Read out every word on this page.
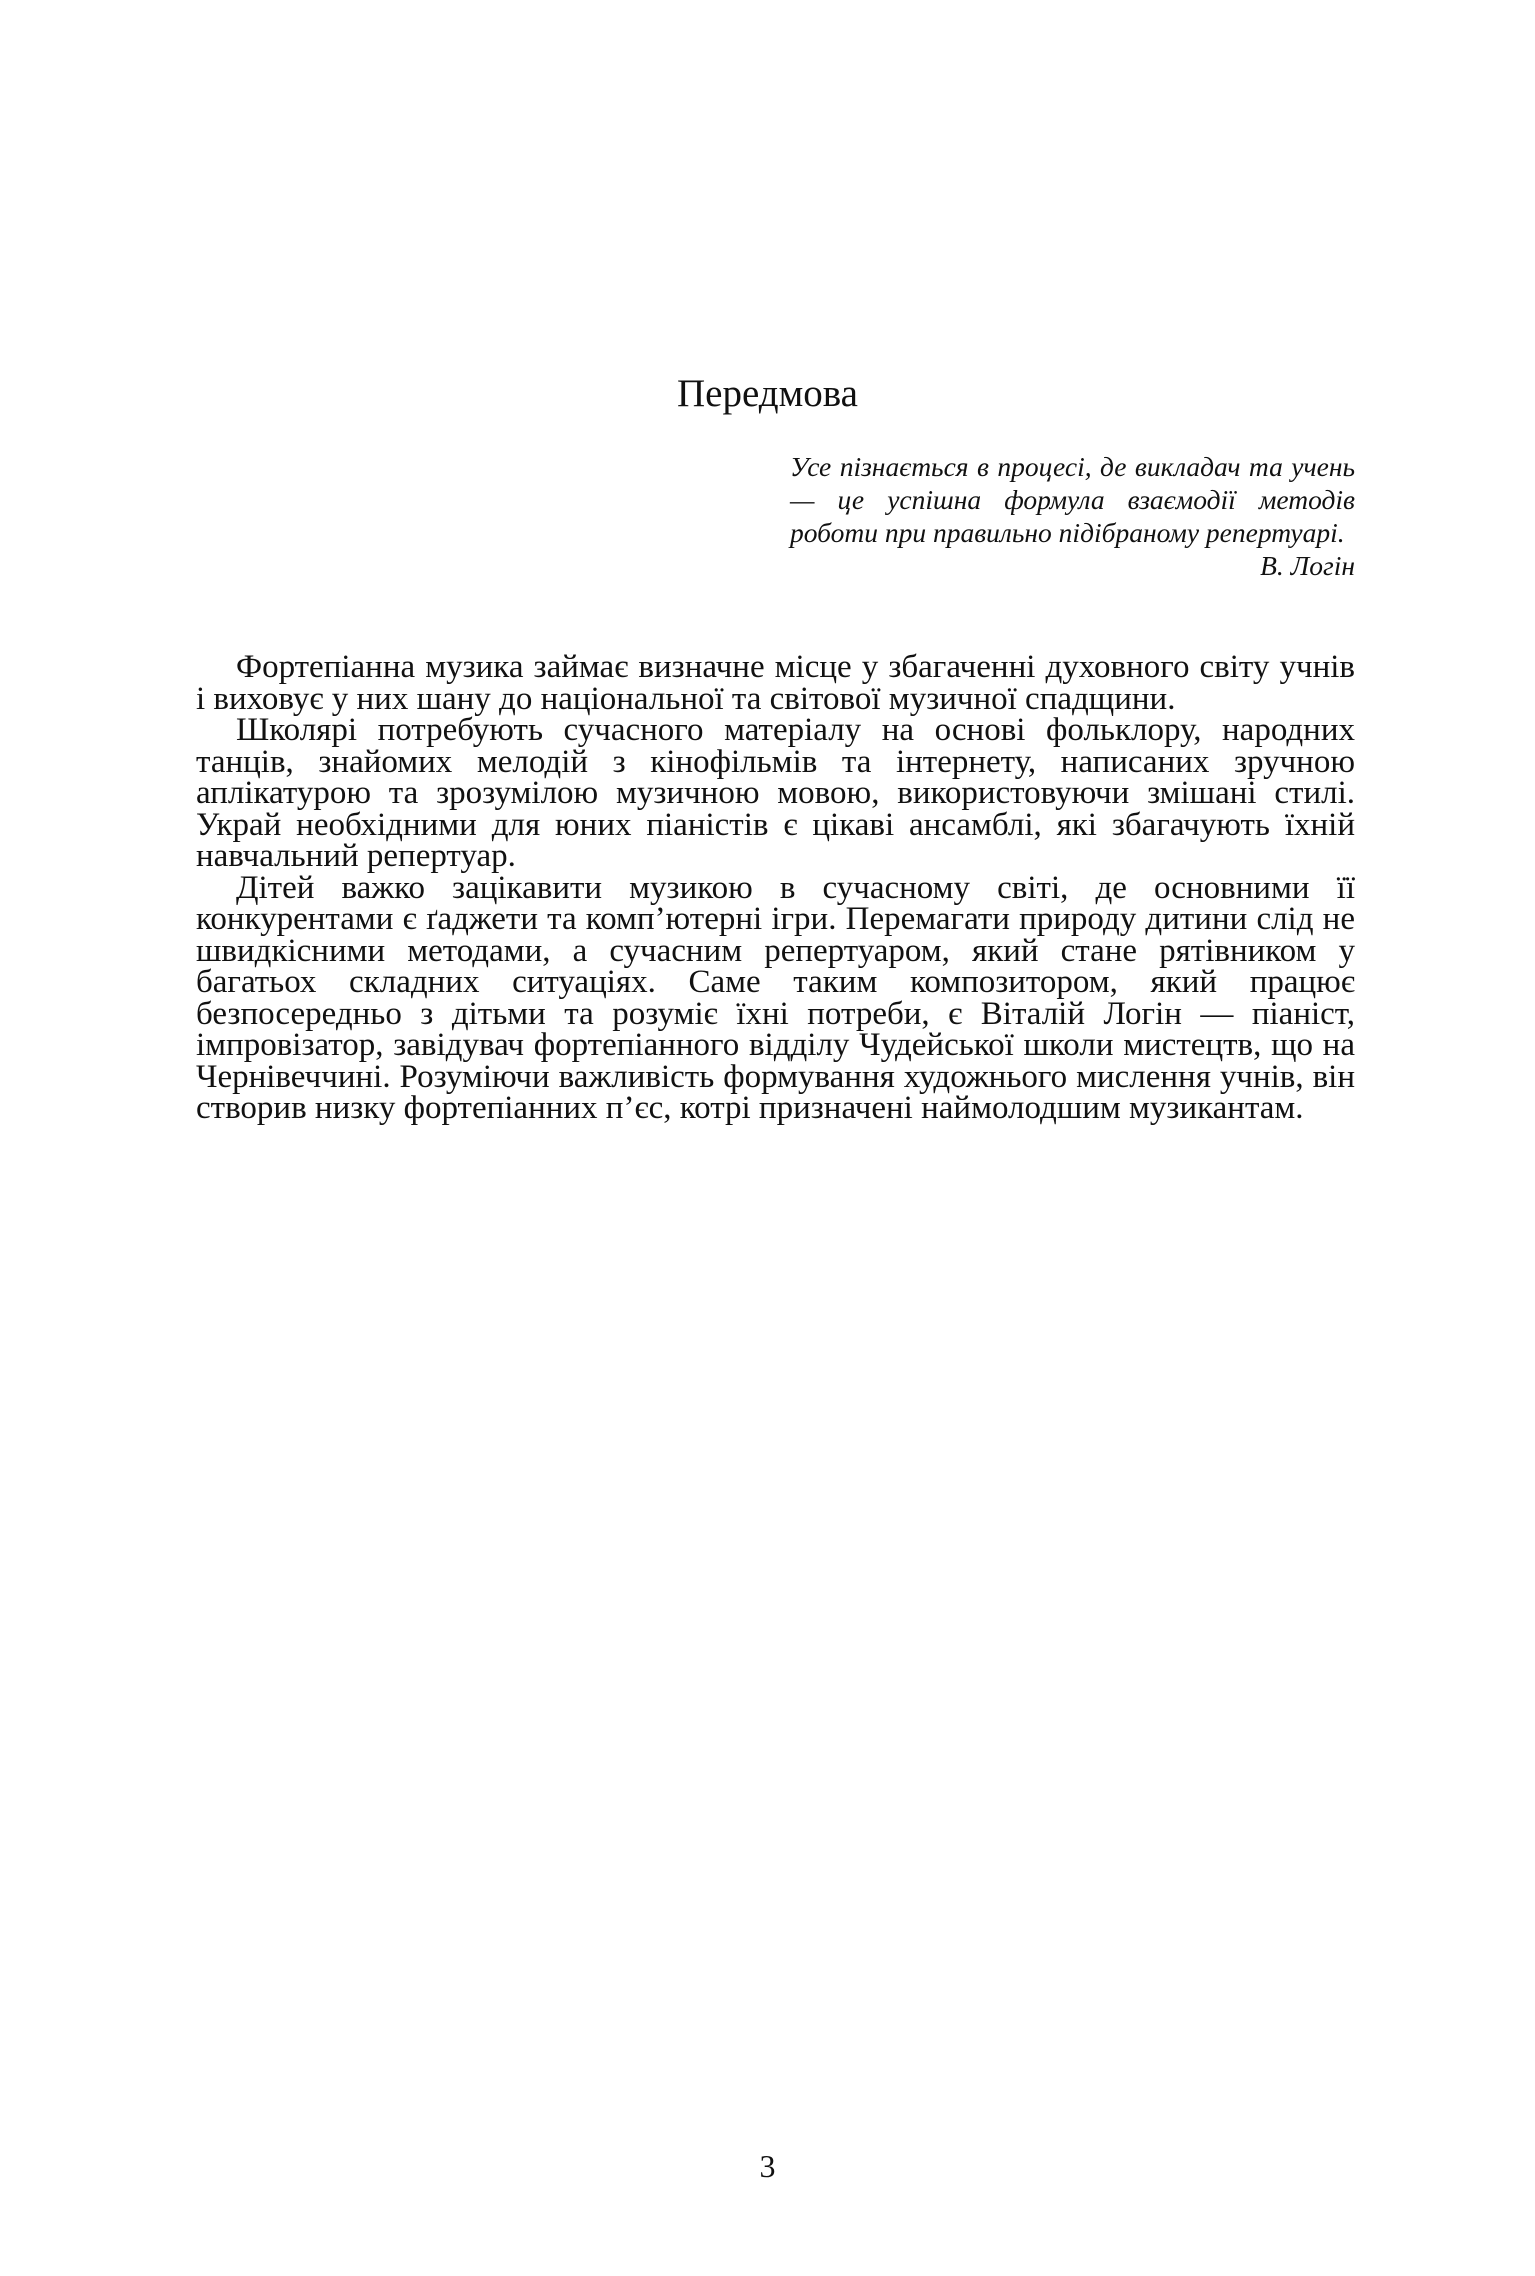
Передмова

Усе пізнається в процесі, де викладач та учень — це успішна формула взаємодії методів роботи при правильно підібраному репертуарі.

В. Логін

Фортепіанна музика займає визначне місце у збагаченні духовного світу учнів і виховує у них шану до національної та світової музичної спадщини.

Школярі потребують сучасного матеріалу на основі фольклору, народних танців, знайомих мелодій з кінофільмів та інтернету, написаних зручною аплікатурою та зрозумілою музичною мовою, використовуючи змішані стилі. Украй необхідними для юних піаністів є цікаві ансамблі, які збагачують їхній навчальний репертуар.

Дітей важко зацікавити музикою в сучасному світі, де основними її конкурентами є ґаджети та комп’ютерні ігри. Перемагати природу дитини слід не швидкісними методами, а сучасним репертуаром, який стане рятівником у багатьох складних ситуаціях. Саме таким композитором, який працює безпосередньо з дітьми та розуміє їхні потреби, є Віталій Логін — піаніст, імпровізатор, завідувач фортепіанного відділу Чудейської школи мистецтв, що на Чернівеччині. Розуміючи важливість формування художнього мислення учнів, він створив низку фортепіанних п’єс, котрі призначені наймолодшим музикантам.

3
